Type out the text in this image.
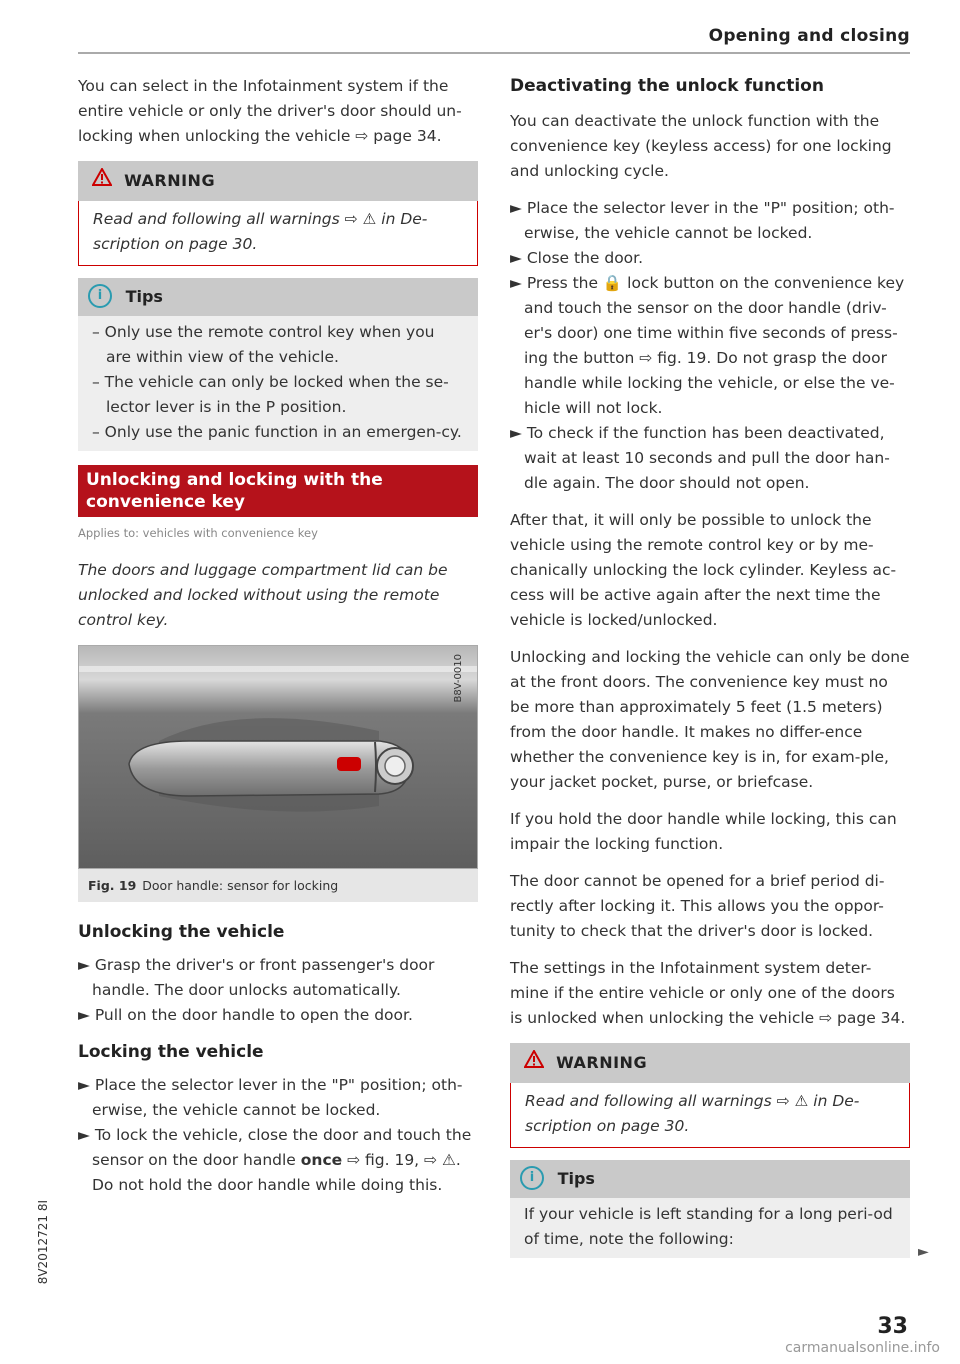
Opening and closing

You can select in the Infotainment system if the entire vehicle or only the driver's door should un-locking when unlocking the vehicle ⇨ page 34.

WARNING
Read and following all warnings ⇨ ⚠ in De-scription on page 30.
i Tips
– Only use the remote control key when you are within view of the vehicle.
– The vehicle can only be locked when the se-lector lever is in the P position.
– Only use the panic function in an emergen-cy.
Unlocking and locking with the convenience key
Applies to: vehicles with convenience key

The doors and luggage compartment lid can be unlocked and locked without using the remote control key.

B8V-0010
Fig. 19 Door handle: sensor for locking
Unlocking the vehicle
► Grasp the driver's or front passenger's door handle. The door unlocks automatically.
► Pull on the door handle to open the door.
Locking the vehicle
► Place the selector lever in the "P" position; oth-erwise, the vehicle cannot be locked.
► To lock the vehicle, close the door and touch the sensor on the door handle once ⇨ fig. 19, ⇨ ⚠. Do not hold the door handle while doing this.
Deactivating the unlock function

You can deactivate the unlock function with the convenience key (keyless access) for one locking and unlocking cycle.

► Place the selector lever in the "P" position; oth-erwise, the vehicle cannot be locked.
► Close the door.
► Press the 🔒 lock button on the convenience key and touch the sensor on the door handle (driv-er's door) one time within five seconds of press-ing the button ⇨ fig. 19. Do not grasp the door handle while locking the vehicle, or else the ve-hicle will not lock.
► To check if the function has been deactivated, wait at least 10 seconds and pull the door han-dle again. The door should not open.

After that, it will only be possible to unlock the vehicle using the remote control key or by me-chanically unlocking the lock cylinder. Keyless ac-cess will be active again after the next time the vehicle is locked/unlocked.

Unlocking and locking the vehicle can only be done at the front doors. The convenience key must no be more than approximately 5 feet (1.5 meters) from the door handle. It makes no differ-ence whether the convenience key is in, for exam-ple, your jacket pocket, purse, or briefcase.

If you hold the door handle while locking, this can impair the locking function.

The door cannot be opened for a brief period di-rectly after locking it. This allows you the oppor-tunity to check that the driver's door is locked.

The settings in the Infotainment system deter-mine if the entire vehicle or only one of the doors is unlocked when unlocking the vehicle ⇨ page 34.

WARNING
Read and following all warnings ⇨ ⚠ in De-scription on page 30.
i Tips
If your vehicle is left standing for a long peri-od of time, note the following:
►
8V2012721 8I
33
carmanualsonline.info
